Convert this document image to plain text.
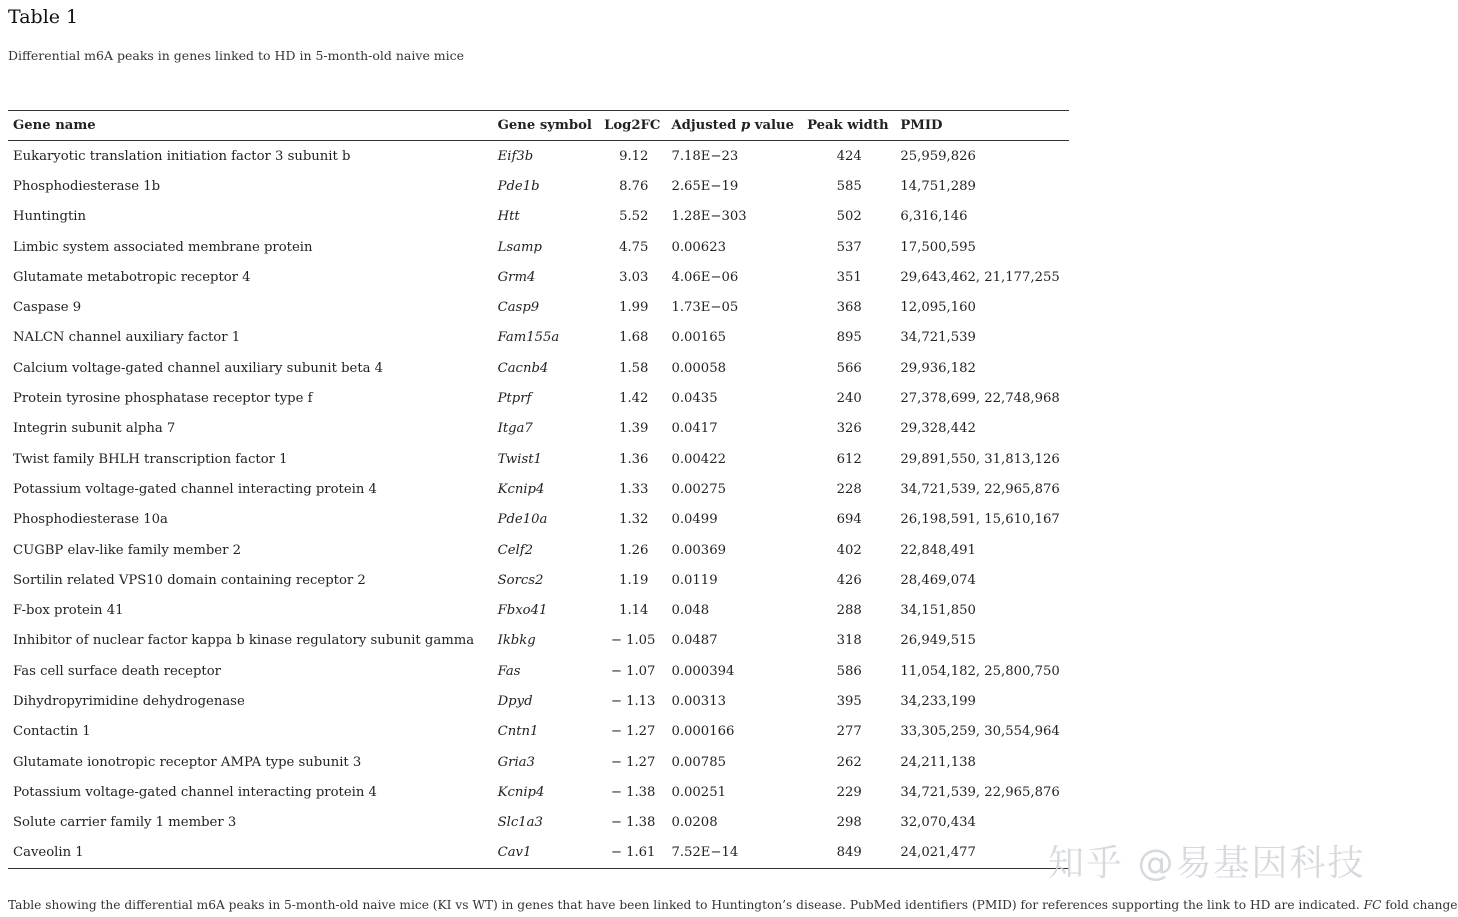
Table 1

Differential m6A peaks in genes linked to HD in 5-month-old naive mice

Gene name	Gene symbol	Log2FC	Adjusted p value	Peak width	PMID
Eukaryotic translation initiation factor 3 subunit b	Eif3b	9.12	7.18E−23	424	25,959,826
Phosphodiesterase 1b	Pde1b	8.76	2.65E−19	585	14,751,289
Huntingtin	Htt	5.52	1.28E−303	502	6,316,146
Limbic system associated membrane protein	Lsamp	4.75	0.00623	537	17,500,595
Glutamate metabotropic receptor 4	Grm4	3.03	4.06E−06	351	29,643,462, 21,177,255
Caspase 9	Casp9	1.99	1.73E−05	368	12,095,160
NALCN channel auxiliary factor 1	Fam155a	1.68	0.00165	895	34,721,539
Calcium voltage-gated channel auxiliary subunit beta 4	Cacnb4	1.58	0.00058	566	29,936,182
Protein tyrosine phosphatase receptor type f	Ptprf	1.42	0.0435	240	27,378,699, 22,748,968
Integrin subunit alpha 7	Itga7	1.39	0.0417	326	29,328,442
Twist family BHLH transcription factor 1	Twist1	1.36	0.00422	612	29,891,550, 31,813,126
Potassium voltage-gated channel interacting protein 4	Kcnip4	1.33	0.00275	228	34,721,539, 22,965,876
Phosphodiesterase 10a	Pde10a	1.32	0.0499	694	26,198,591, 15,610,167
CUGBP elav-like family member 2	Celf2	1.26	0.00369	402	22,848,491
Sortilin related VPS10 domain containing receptor 2	Sorcs2	1.19	0.0119	426	28,469,074
F-box protein 41	Fbxo41	1.14	0.048	288	34,151,850
Inhibitor of nuclear factor kappa b kinase regulatory subunit gamma	Ikbkg	− 1.05	0.0487	318	26,949,515
Fas cell surface death receptor	Fas	− 1.07	0.000394	586	11,054,182, 25,800,750
Dihydropyrimidine dehydrogenase	Dpyd	− 1.13	0.00313	395	34,233,199
Contactin 1	Cntn1	− 1.27	0.000166	277	33,305,259, 30,554,964
Glutamate ionotropic receptor AMPA type subunit 3	Gria3	− 1.27	0.00785	262	24,211,138
Potassium voltage-gated channel interacting protein 4	Kcnip4	− 1.38	0.00251	229	34,721,539, 22,965,876
Solute carrier family 1 member 3	Slc1a3	− 1.38	0.0208	298	32,070,434
Caveolin 1	Cav1	− 1.61	7.52E−14	849	24,021,477

Table showing the differential m6A peaks in 5-month-old naive mice (KI vs WT) in genes that have been linked to Huntington’s disease. PubMed identifiers (PMID) for references supporting the link to HD are indicated. FC fold change

知乎 @易基因科技
